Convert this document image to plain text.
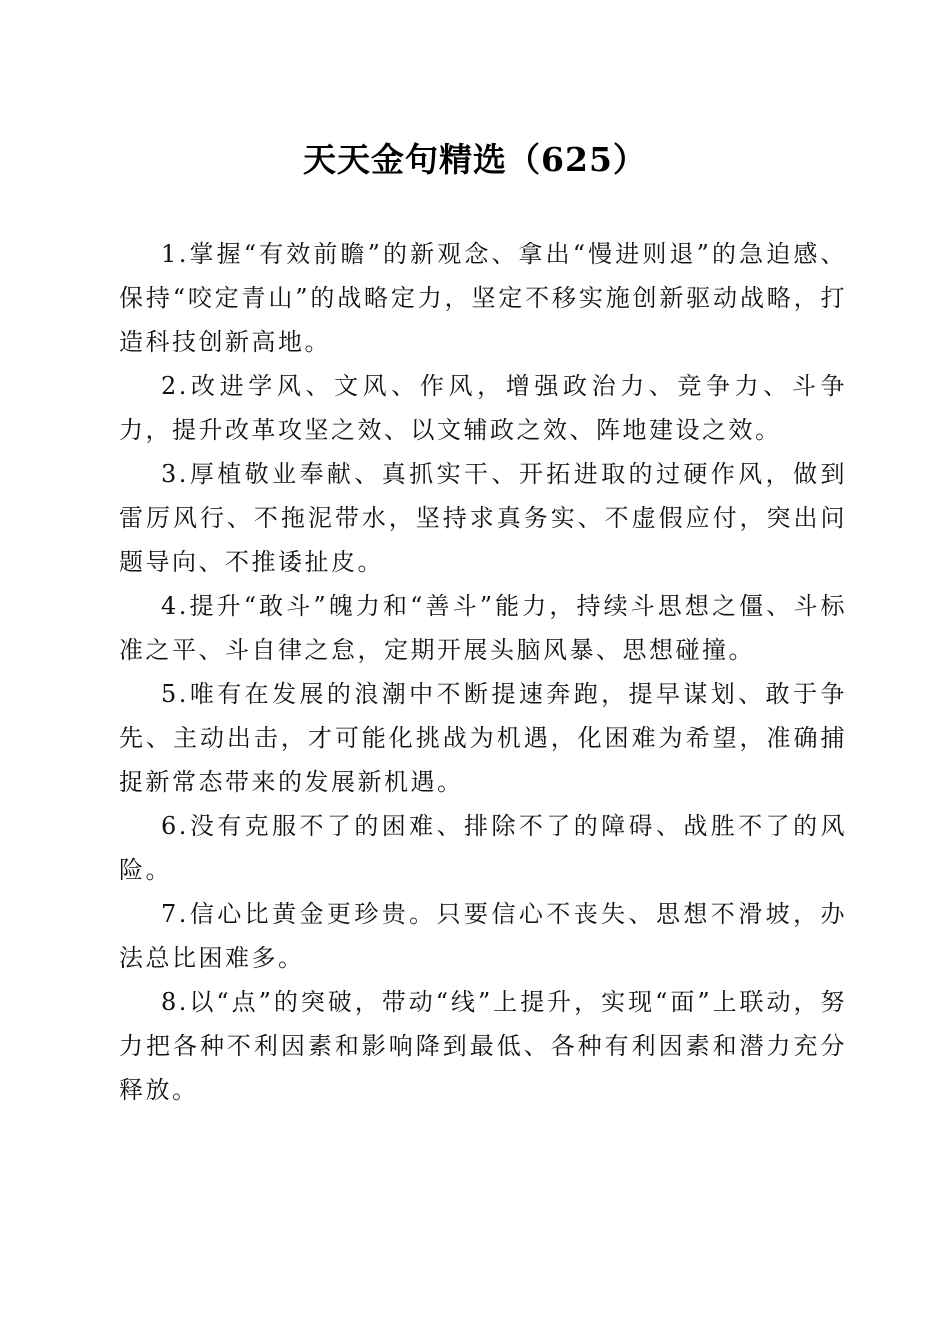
天天金句精选（625）

1.掌握“有效前瞻”的新观念、拿出“慢进则退”的急迫感、保持“咬定青山”的战略定力，坚定不移实施创新驱动战略，打造科技创新高地。

2.改进学风、文风、作风，增强政治力、竞争力、斗争力，提升改革攻坚之效、以文辅政之效、阵地建设之效。

3.厚植敬业奉献、真抓实干、开拓进取的过硬作风，做到雷厉风行、不拖泥带水，坚持求真务实、不虚假应付，突出问题导向、不推诿扯皮。

4.提升“敢斗”魄力和“善斗”能力，持续斗思想之僵、斗标准之平、斗自律之怠，定期开展头脑风暴、思想碰撞。

5.唯有在发展的浪潮中不断提速奔跑，提早谋划、敢于争先、主动出击，才可能化挑战为机遇，化困难为希望，准确捕捉新常态带来的发展新机遇。

6.没有克服不了的困难、排除不了的障碍、战胜不了的风险。

7.信心比黄金更珍贵。只要信心不丧失、思想不滑坡，办法总比困难多。

8.以“点”的突破，带动“线”上提升，实现“面”上联动，努力把各种不利因素和影响降到最低、各种有利因素和潜力充分释放。
